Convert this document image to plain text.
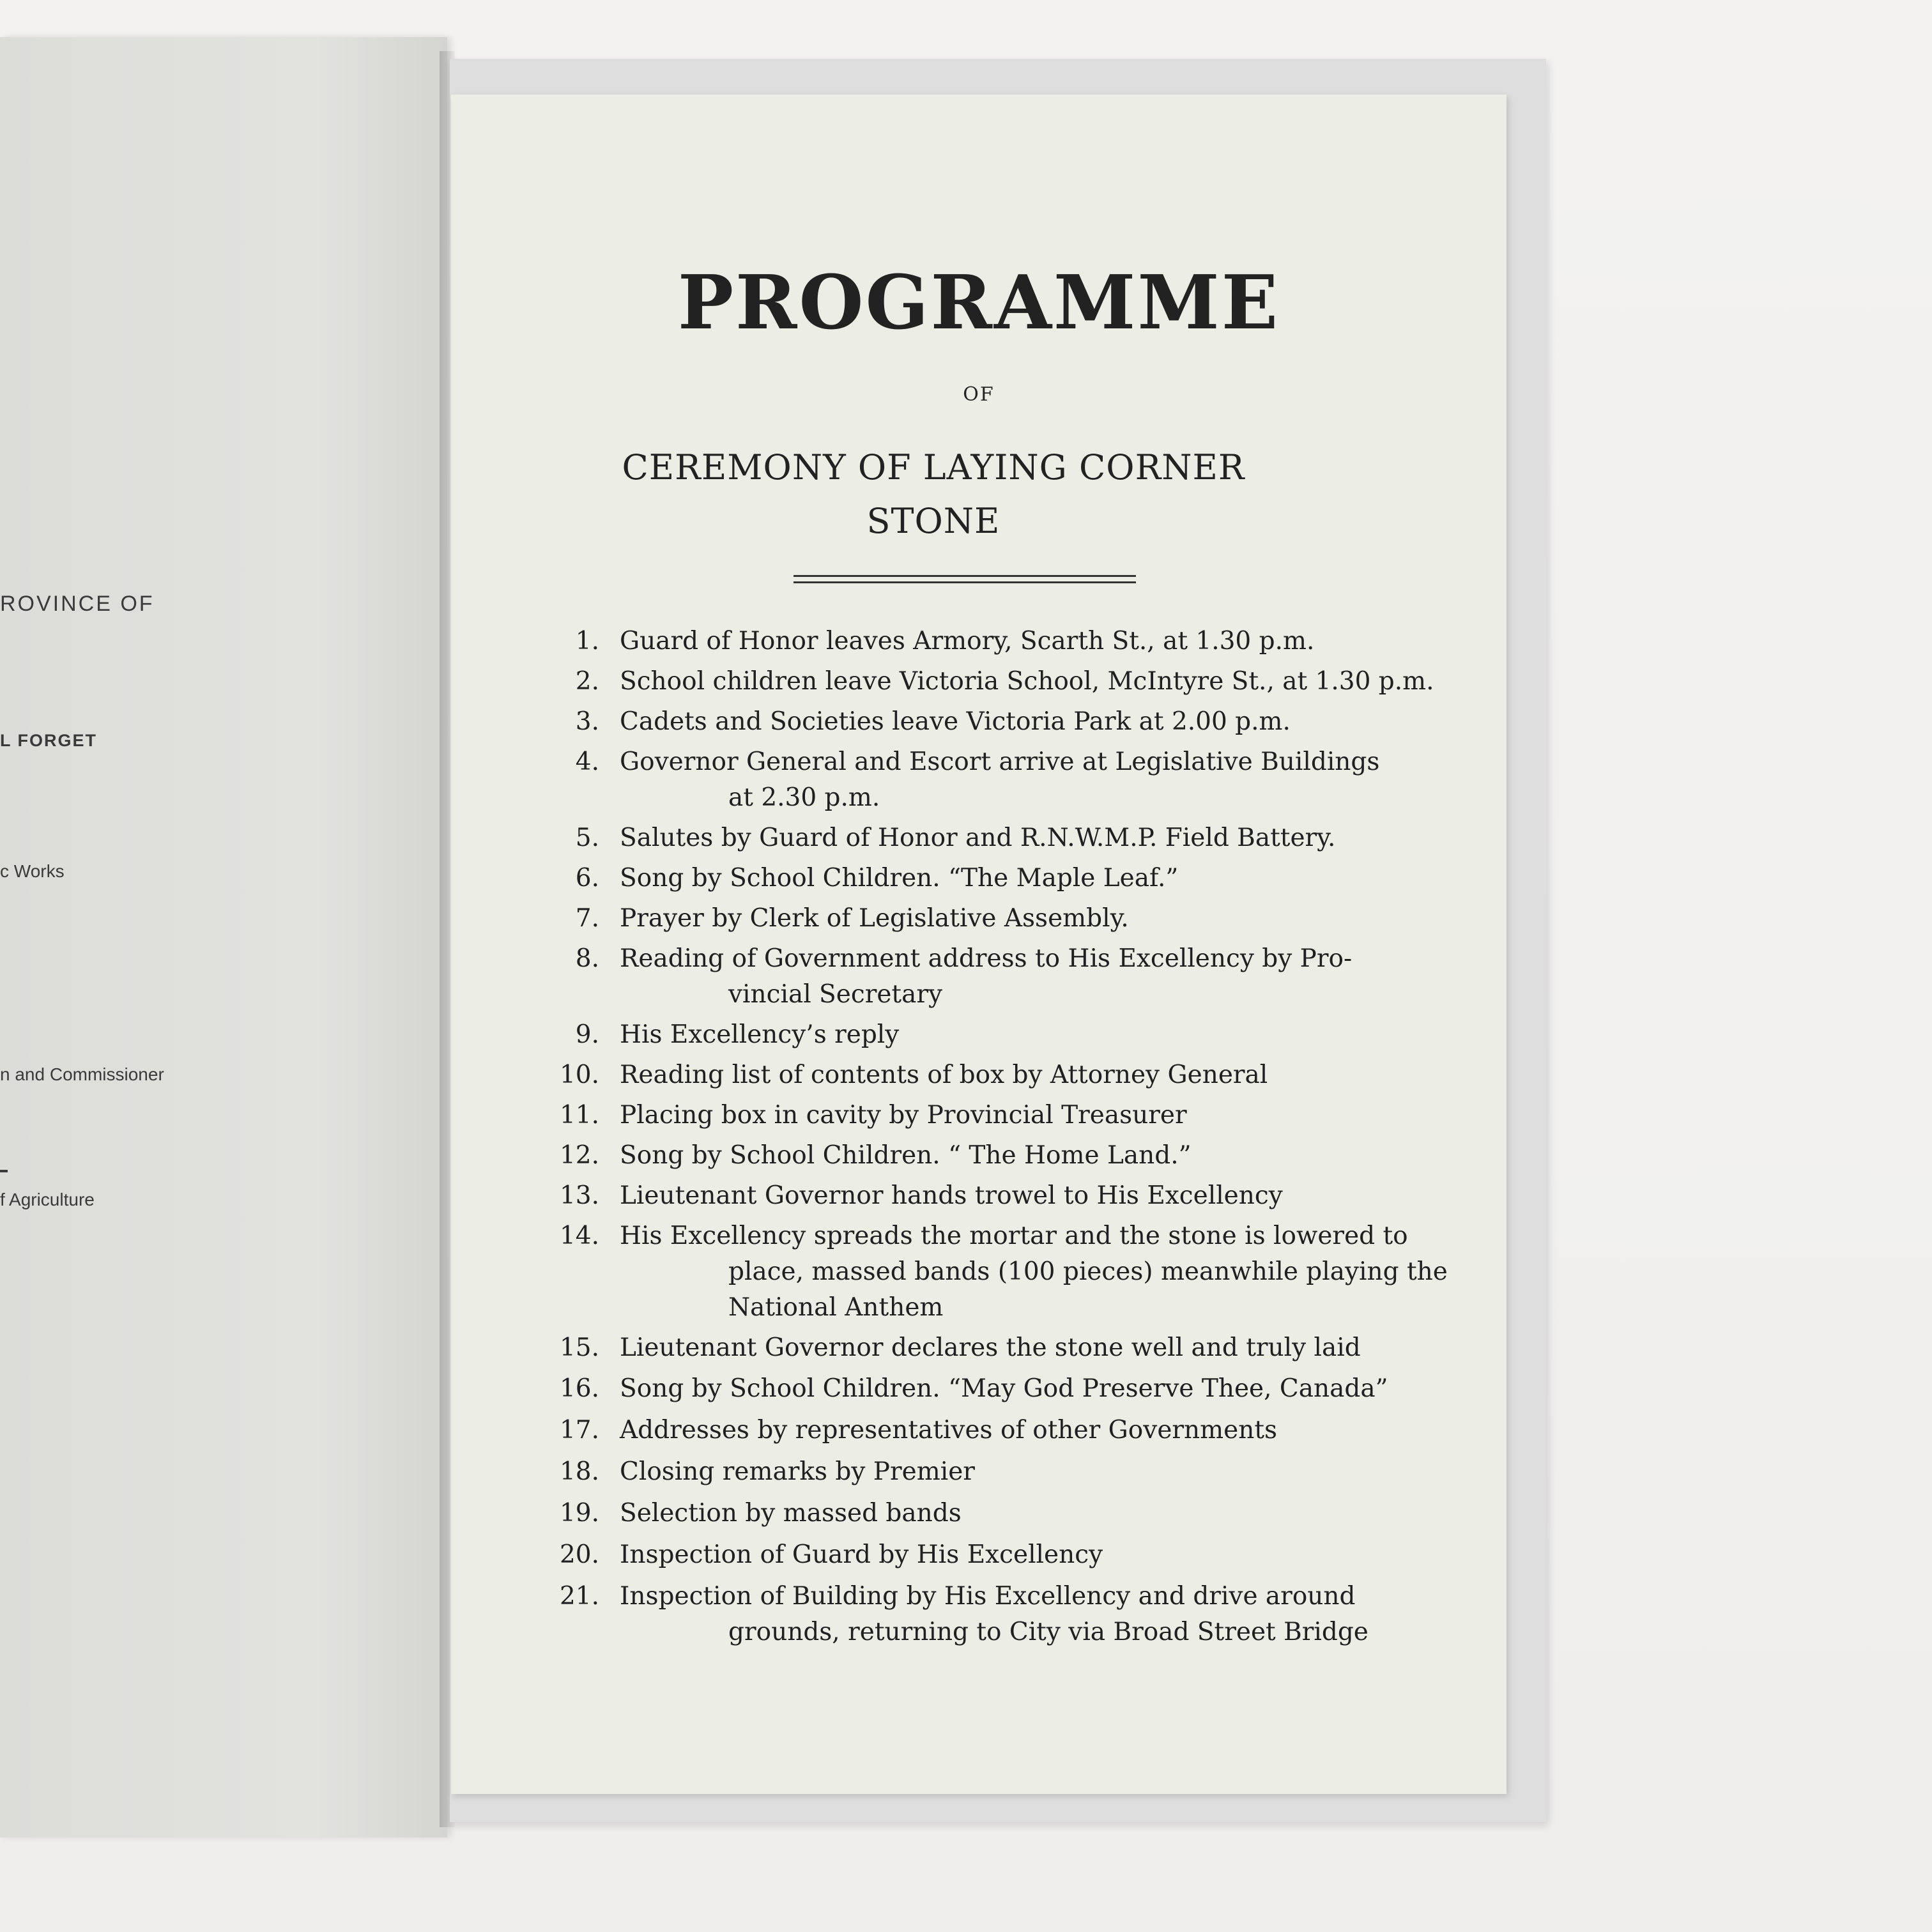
ROVINCE OF

L FORGET

c Works

n and Commissioner

f Agriculture

PROGRAMME

OF

CEREMONY OF LAYING CORNER STONE

1. Guard of Honor leaves Armory, Scarth St., at 1.30 p.m.
2. School children leave Victoria School, McIntyre St., at 1.30 p.m.
3. Cadets and Societies leave Victoria Park at 2.00 p.m.
4. Governor General and Escort arrive at Legislative Buildings
at 2.30 p.m.
5. Salutes by Guard of Honor and R.N.W.M.P. Field Battery.
6. Song by School Children. “The Maple Leaf.”
7. Prayer by Clerk of Legislative Assembly.
8. Reading of Government address to His Excellency by Pro-
vincial Secretary
9. His Excellency’s reply
10. Reading list of contents of box by Attorney General
11. Placing box in cavity by Provincial Treasurer
12. Song by School Children. “ The Home Land.”
13. Lieutenant Governor hands trowel to His Excellency
14. His Excellency spreads the mortar and the stone is lowered to
place, massed bands (100 pieces) meanwhile playing the
National Anthem
15. Lieutenant Governor declares the stone well and truly laid
16. Song by School Children. “May God Preserve Thee, Canada”
17. Addresses by representatives of other Governments
18. Closing remarks by Premier
19. Selection by massed bands
20. Inspection of Guard by His Excellency
21. Inspection of Building by His Excellency and drive around
grounds, returning to City via Broad Street Bridge
